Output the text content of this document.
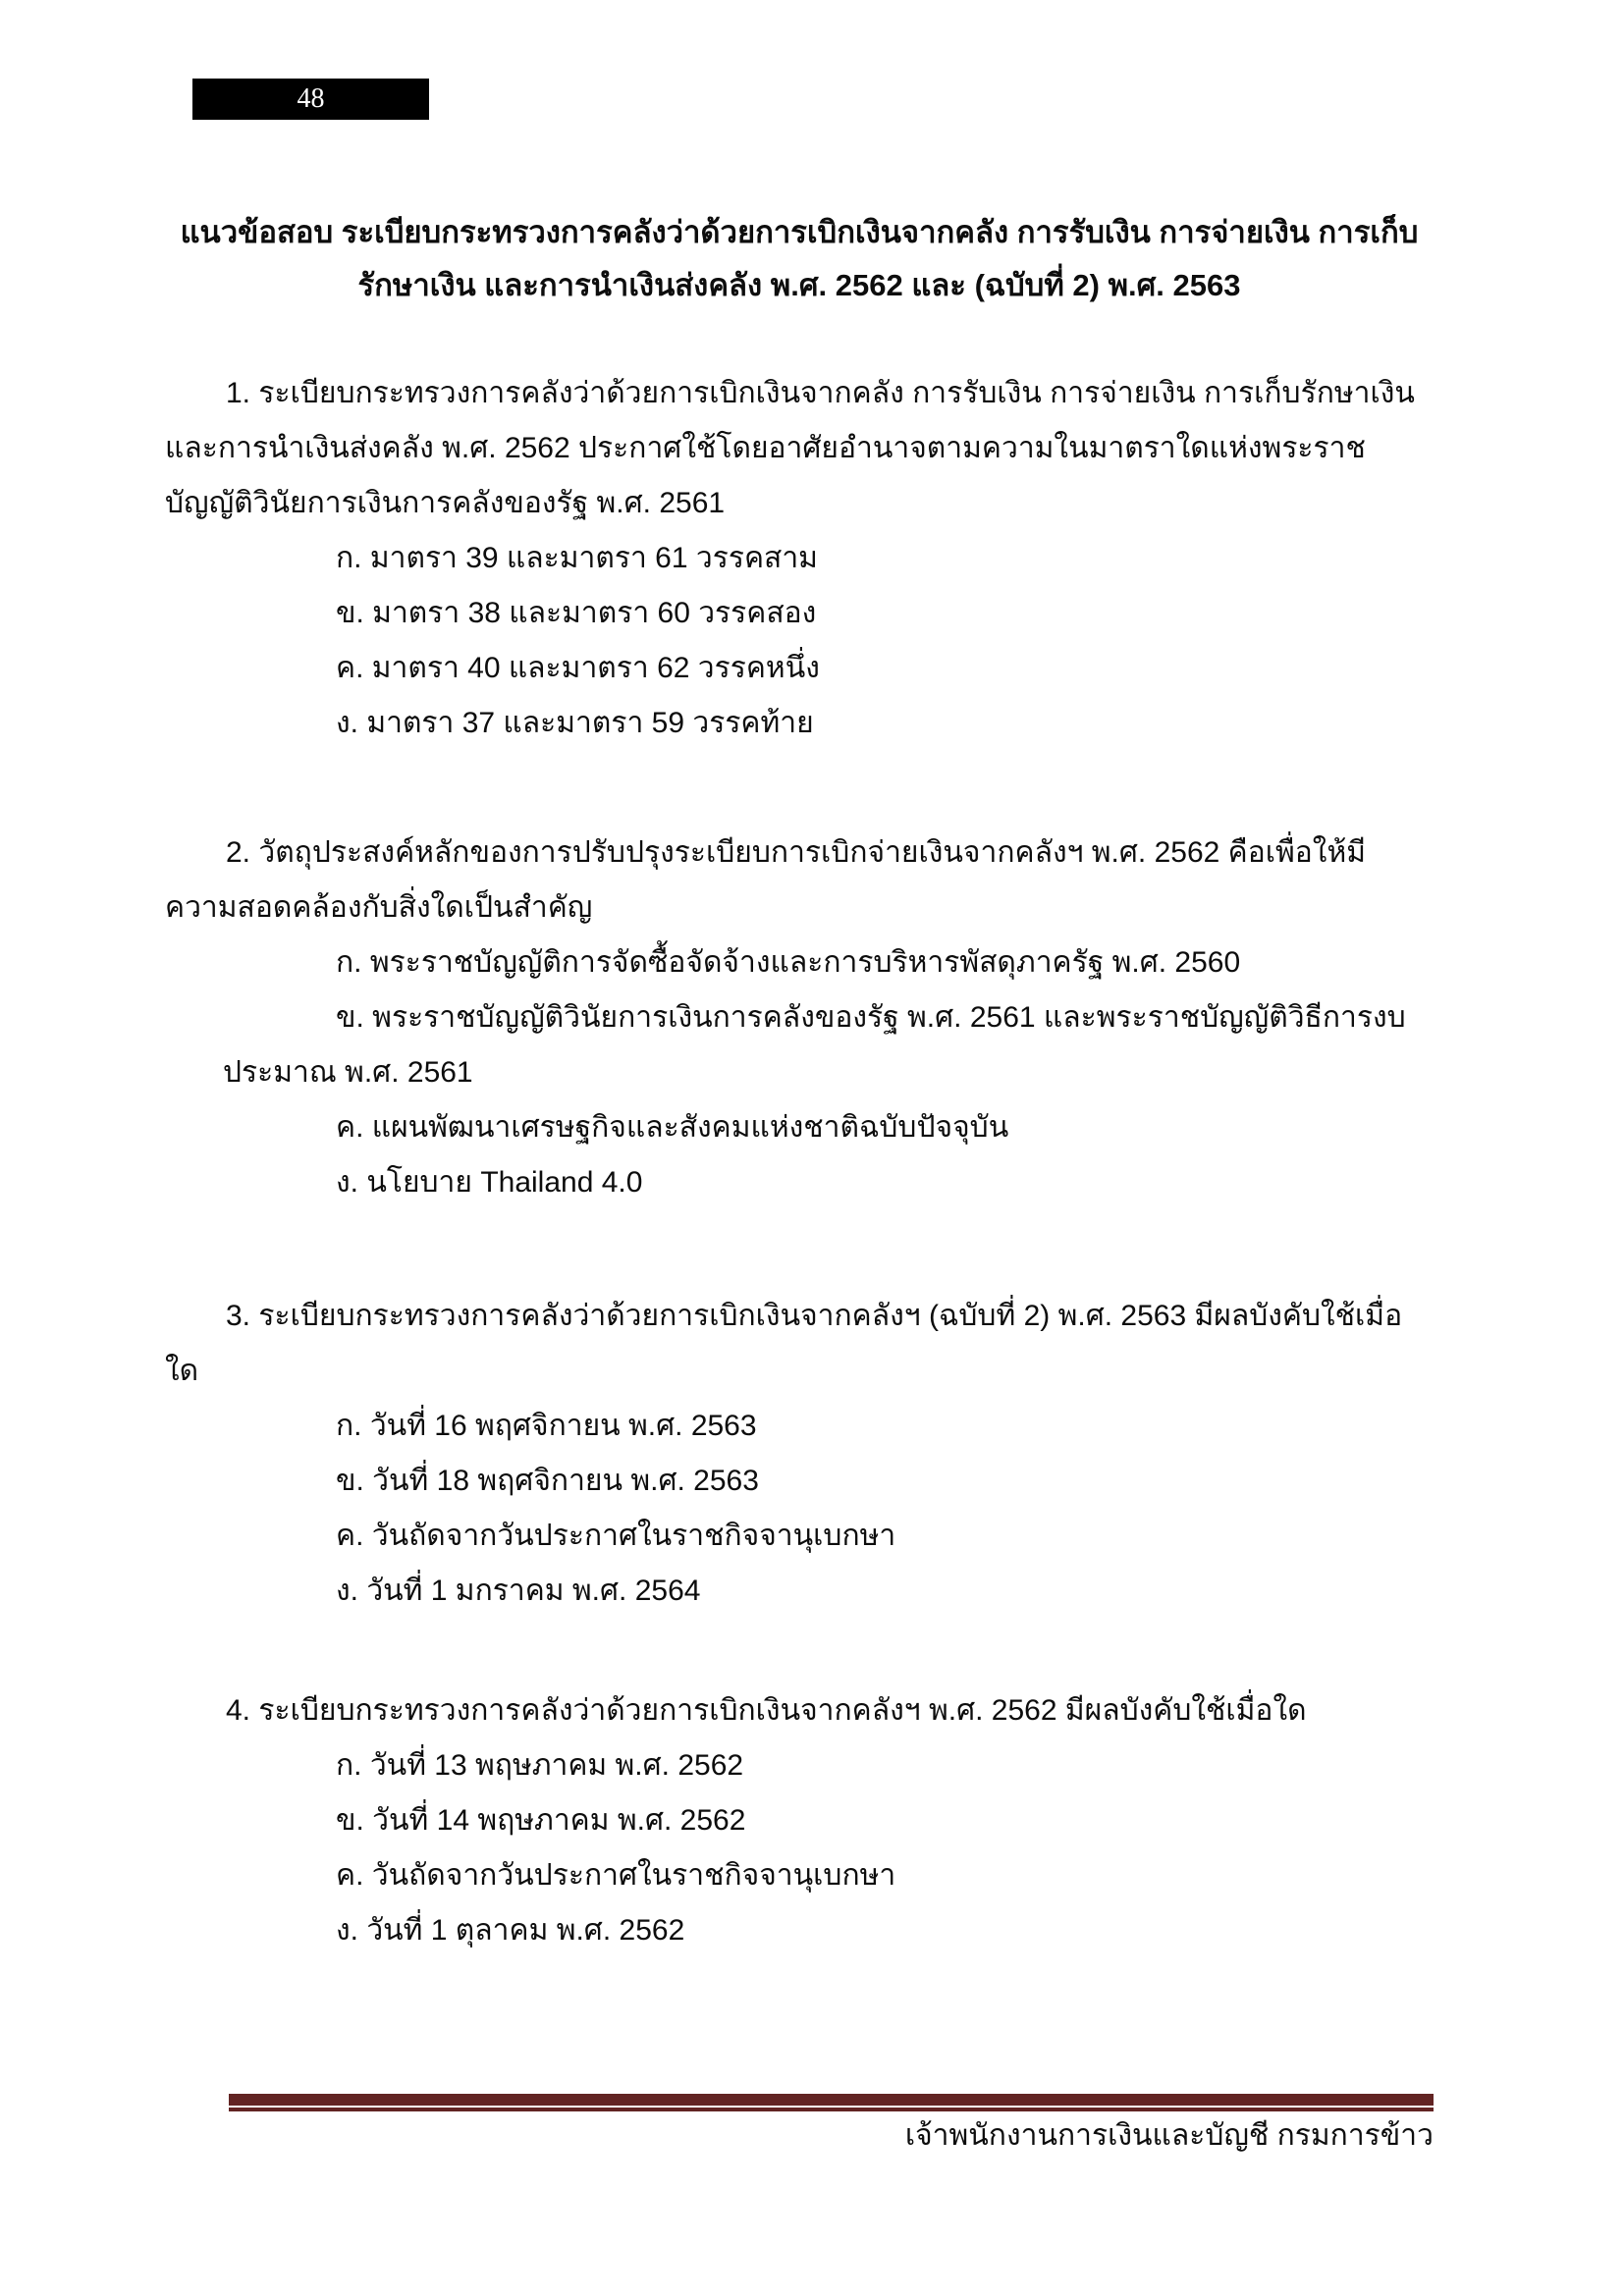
48
แนวข้อสอบ ระเบียบกระทรวงการคลังว่าด้วยการเบิกเงินจากคลัง การรับเงิน การจ่ายเงิน การเก็บ
รักษาเงิน และการนำเงินส่งคลัง พ.ศ. 2562 และ (ฉบับที่ 2) พ.ศ. 2563

1. ระเบียบกระทรวงการคลังว่าด้วยการเบิกเงินจากคลัง การรับเงิน การจ่ายเงิน การเก็บรักษาเงิน และการนำเงินส่งคลัง พ.ศ. 2562 ประกาศใช้โดยอาศัยอำนาจตามความในมาตราใดแห่งพระราชบัญญัติวินัยการเงินการคลังของรัฐ พ.ศ. 2561

ก. มาตรา 39 และมาตรา 61 วรรคสาม

ข. มาตรา 38 และมาตรา 60 วรรคสอง

ค. มาตรา 40 และมาตรา 62 วรรคหนึ่ง

ง. มาตรา 37 และมาตรา 59 วรรคท้าย

2. วัตถุประสงค์หลักของการปรับปรุงระเบียบการเบิกจ่ายเงินจากคลังฯ พ.ศ. 2562 คือเพื่อให้มีความสอดคล้องกับสิ่งใดเป็นสำคัญ

ก. พระราชบัญญัติการจัดซื้อจัดจ้างและการบริหารพัสดุภาครัฐ พ.ศ. 2560

ข. พระราชบัญญัติวินัยการเงินการคลังของรัฐ พ.ศ. 2561 และพระราชบัญญัติวิธีการงบประมาณ พ.ศ. 2561

ค. แผนพัฒนาเศรษฐกิจและสังคมแห่งชาติฉบับปัจจุบัน

ง. นโยบาย Thailand 4.0

3. ระเบียบกระทรวงการคลังว่าด้วยการเบิกเงินจากคลังฯ (ฉบับที่ 2) พ.ศ. 2563 มีผลบังคับใช้เมื่อใด

ก. วันที่ 16 พฤศจิกายน พ.ศ. 2563

ข. วันที่ 18 พฤศจิกายน พ.ศ. 2563

ค. วันถัดจากวันประกาศในราชกิจจานุเบกษา

ง. วันที่ 1 มกราคม พ.ศ. 2564

4. ระเบียบกระทรวงการคลังว่าด้วยการเบิกเงินจากคลังฯ พ.ศ. 2562 มีผลบังคับใช้เมื่อใด

ก. วันที่ 13 พฤษภาคม พ.ศ. 2562

ข. วันที่ 14 พฤษภาคม พ.ศ. 2562

ค. วันถัดจากวันประกาศในราชกิจจานุเบกษา

ง. วันที่ 1 ตุลาคม พ.ศ. 2562

เจ้าพนักงานการเงินและบัญชี กรมการข้าว
